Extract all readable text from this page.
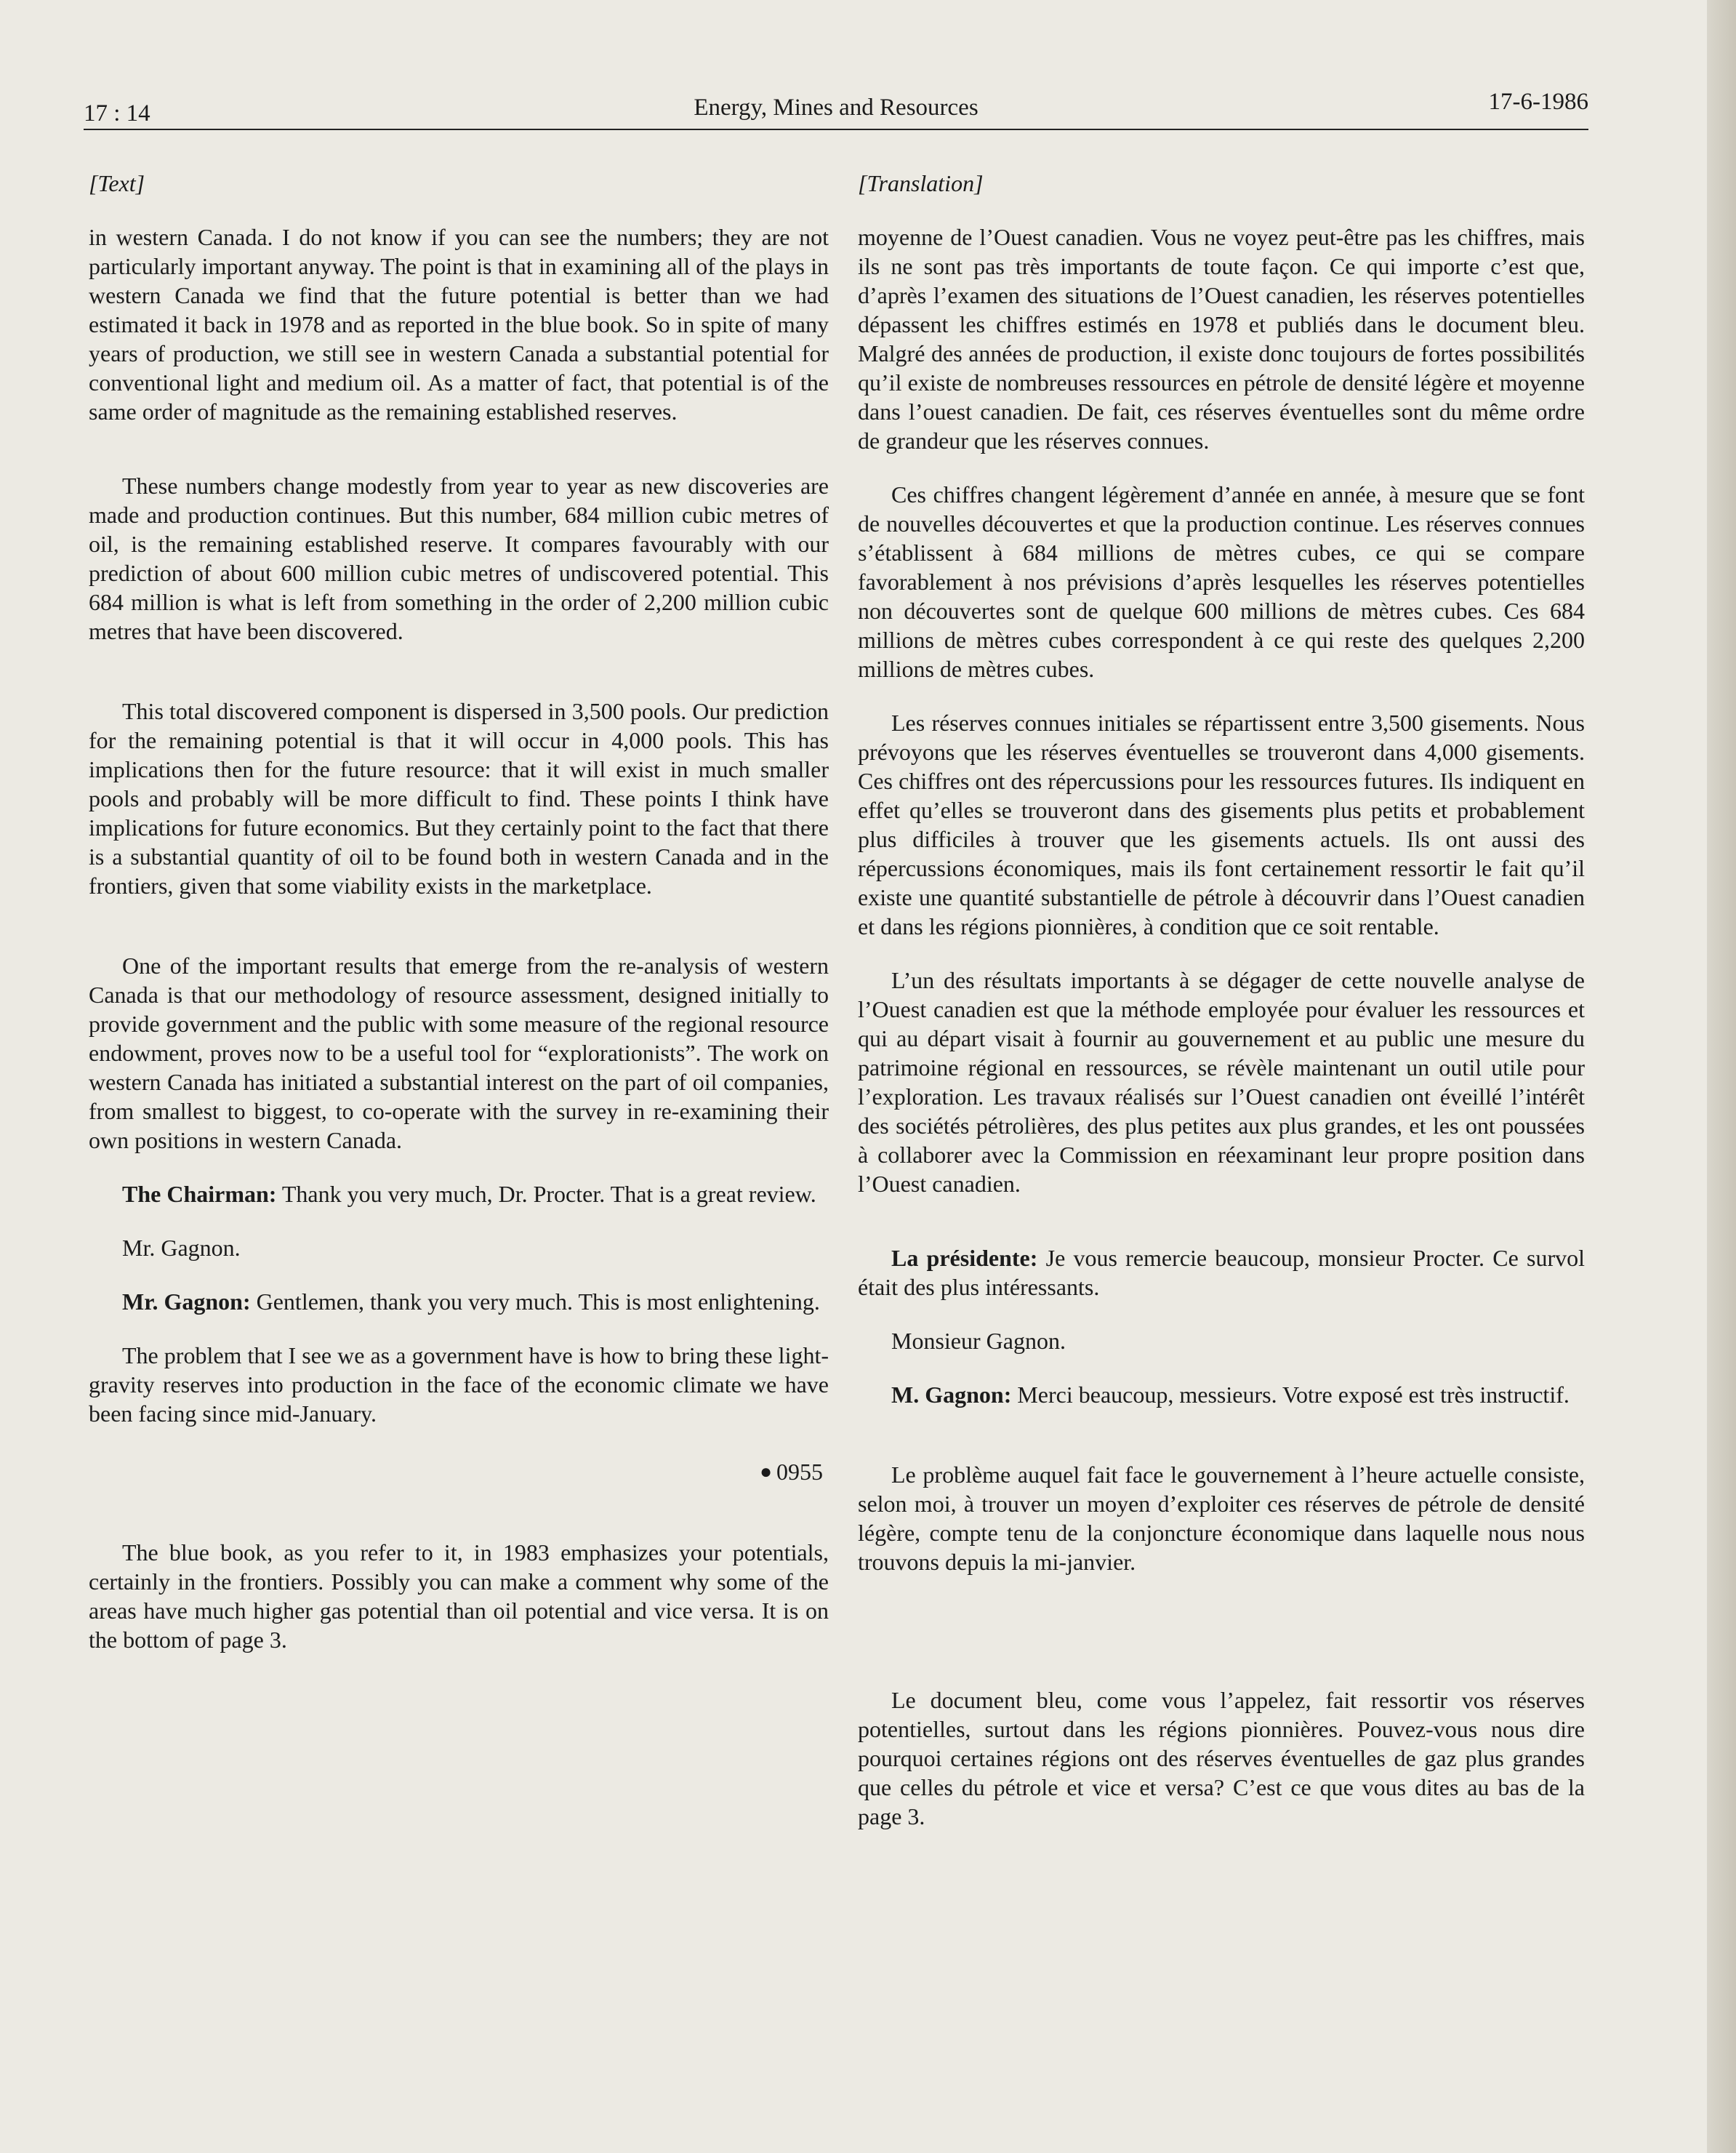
17 : 14	Energy, Mines and Resources	17-6-1986

[Text]

in western Canada. I do not know if you can see the numbers; they are not particularly important anyway. The point is that in examining all of the plays in western Canada we find that the future potential is better than we had estimated it back in 1978 and as reported in the blue book. So in spite of many years of production, we still see in western Canada a substantial potential for conventional light and medium oil. As a matter of fact, that potential is of the same order of magnitude as the remaining established reserves.

These numbers change modestly from year to year as new discoveries are made and production continues. But this number, 684 million cubic metres of oil, is the remaining established reserve. It compares favourably with our prediction of about 600 million cubic metres of undiscovered potential. This 684 million is what is left from something in the order of 2,200 million cubic metres that have been discovered.

This total discovered component is dispersed in 3,500 pools. Our prediction for the remaining potential is that it will occur in 4,000 pools. This has implications then for the future resource: that it will exist in much smaller pools and probably will be more difficult to find. These points I think have implications for future economics. But they certainly point to the fact that there is a substantial quantity of oil to be found both in western Canada and in the frontiers, given that some viability exists in the marketplace.

One of the important results that emerge from the re-analysis of western Canada is that our methodology of resource assessment, designed initially to provide government and the public with some measure of the regional resource endowment, proves now to be a useful tool for “explorationists”. The work on western Canada has initiated a substantial interest on the part of oil companies, from smallest to biggest, to co-operate with the survey in re-examining their own positions in western Canada.

The Chairman: Thank you very much, Dr. Procter. That is a great review.

Mr. Gagnon.

Mr. Gagnon: Gentlemen, thank you very much. This is most enlightening.

The problem that I see we as a government have is how to bring these light-gravity reserves into production in the face of the economic climate we have been facing since mid-January.

● 0955

The blue book, as you refer to it, in 1983 emphasizes your potentials, certainly in the frontiers. Possibly you can make a comment why some of the areas have much higher gas potential than oil potential and vice versa. It is on the bottom of page 3.

[Translation]

moyenne de l’Ouest canadien. Vous ne voyez peut-être pas les chiffres, mais ils ne sont pas très importants de toute façon. Ce qui importe c’est que, d’après l’examen des situations de l’Ouest canadien, les réserves potentielles dépassent les chiffres estimés en 1978 et publiés dans le document bleu. Malgré des années de production, il existe donc toujours de fortes possibilités qu’il existe de nombreuses ressources en pétrole de densité légère et moyenne dans l’ouest canadien. De fait, ces réserves éventuelles sont du même ordre de grandeur que les réserves connues.

Ces chiffres changent légèrement d’année en année, à mesure que se font de nouvelles découvertes et que la production continue. Les réserves connues s’établissent à 684 millions de mètres cubes, ce qui se compare favorablement à nos prévisions d’après lesquelles les réserves potentielles non découvertes sont de quelque 600 millions de mètres cubes. Ces 684 millions de mètres cubes correspondent à ce qui reste des quelques 2,200 millions de mètres cubes.

Les réserves connues initiales se répartissent entre 3,500 gisements. Nous prévoyons que les réserves éventuelles se trouveront dans 4,000 gisements. Ces chiffres ont des répercussions pour les ressources futures. Ils indiquent en effet qu’elles se trouveront dans des gisements plus petits et probablement plus difficiles à trouver que les gisements actuels. Ils ont aussi des répercussions économiques, mais ils font certainement ressortir le fait qu’il existe une quantité substantielle de pétrole à découvrir dans l’Ouest canadien et dans les régions pionnières, à condition que ce soit rentable.

L’un des résultats importants à se dégager de cette nouvelle analyse de l’Ouest canadien est que la méthode employée pour évaluer les ressources et qui au départ visait à fournir au gouvernement et au public une mesure du patrimoine régional en ressources, se révèle maintenant un outil utile pour l’exploration. Les travaux réalisés sur l’Ouest canadien ont éveillé l’intérêt des sociétés pétrolières, des plus petites aux plus grandes, et les ont poussées à collaborer avec la Commission en réexaminant leur propre position dans l’Ouest canadien.

La présidente: Je vous remercie beaucoup, monsieur Procter. Ce survol était des plus intéressants.

Monsieur Gagnon.

M. Gagnon: Merci beaucoup, messieurs. Votre exposé est très instructif.

Le problème auquel fait face le gouvernement à l’heure actuelle consiste, selon moi, à trouver un moyen d’exploiter ces réserves de pétrole de densité légère, compte tenu de la conjoncture économique dans laquelle nous nous trouvons depuis la mi-janvier.

Le document bleu, come vous l’appelez, fait ressortir vos réserves potentielles, surtout dans les régions pionnières. Pouvez-vous nous dire pourquoi certaines régions ont des réserves éventuelles de gaz plus grandes que celles du pétrole et vice et versa? C’est ce que vous dites au bas de la page 3.
